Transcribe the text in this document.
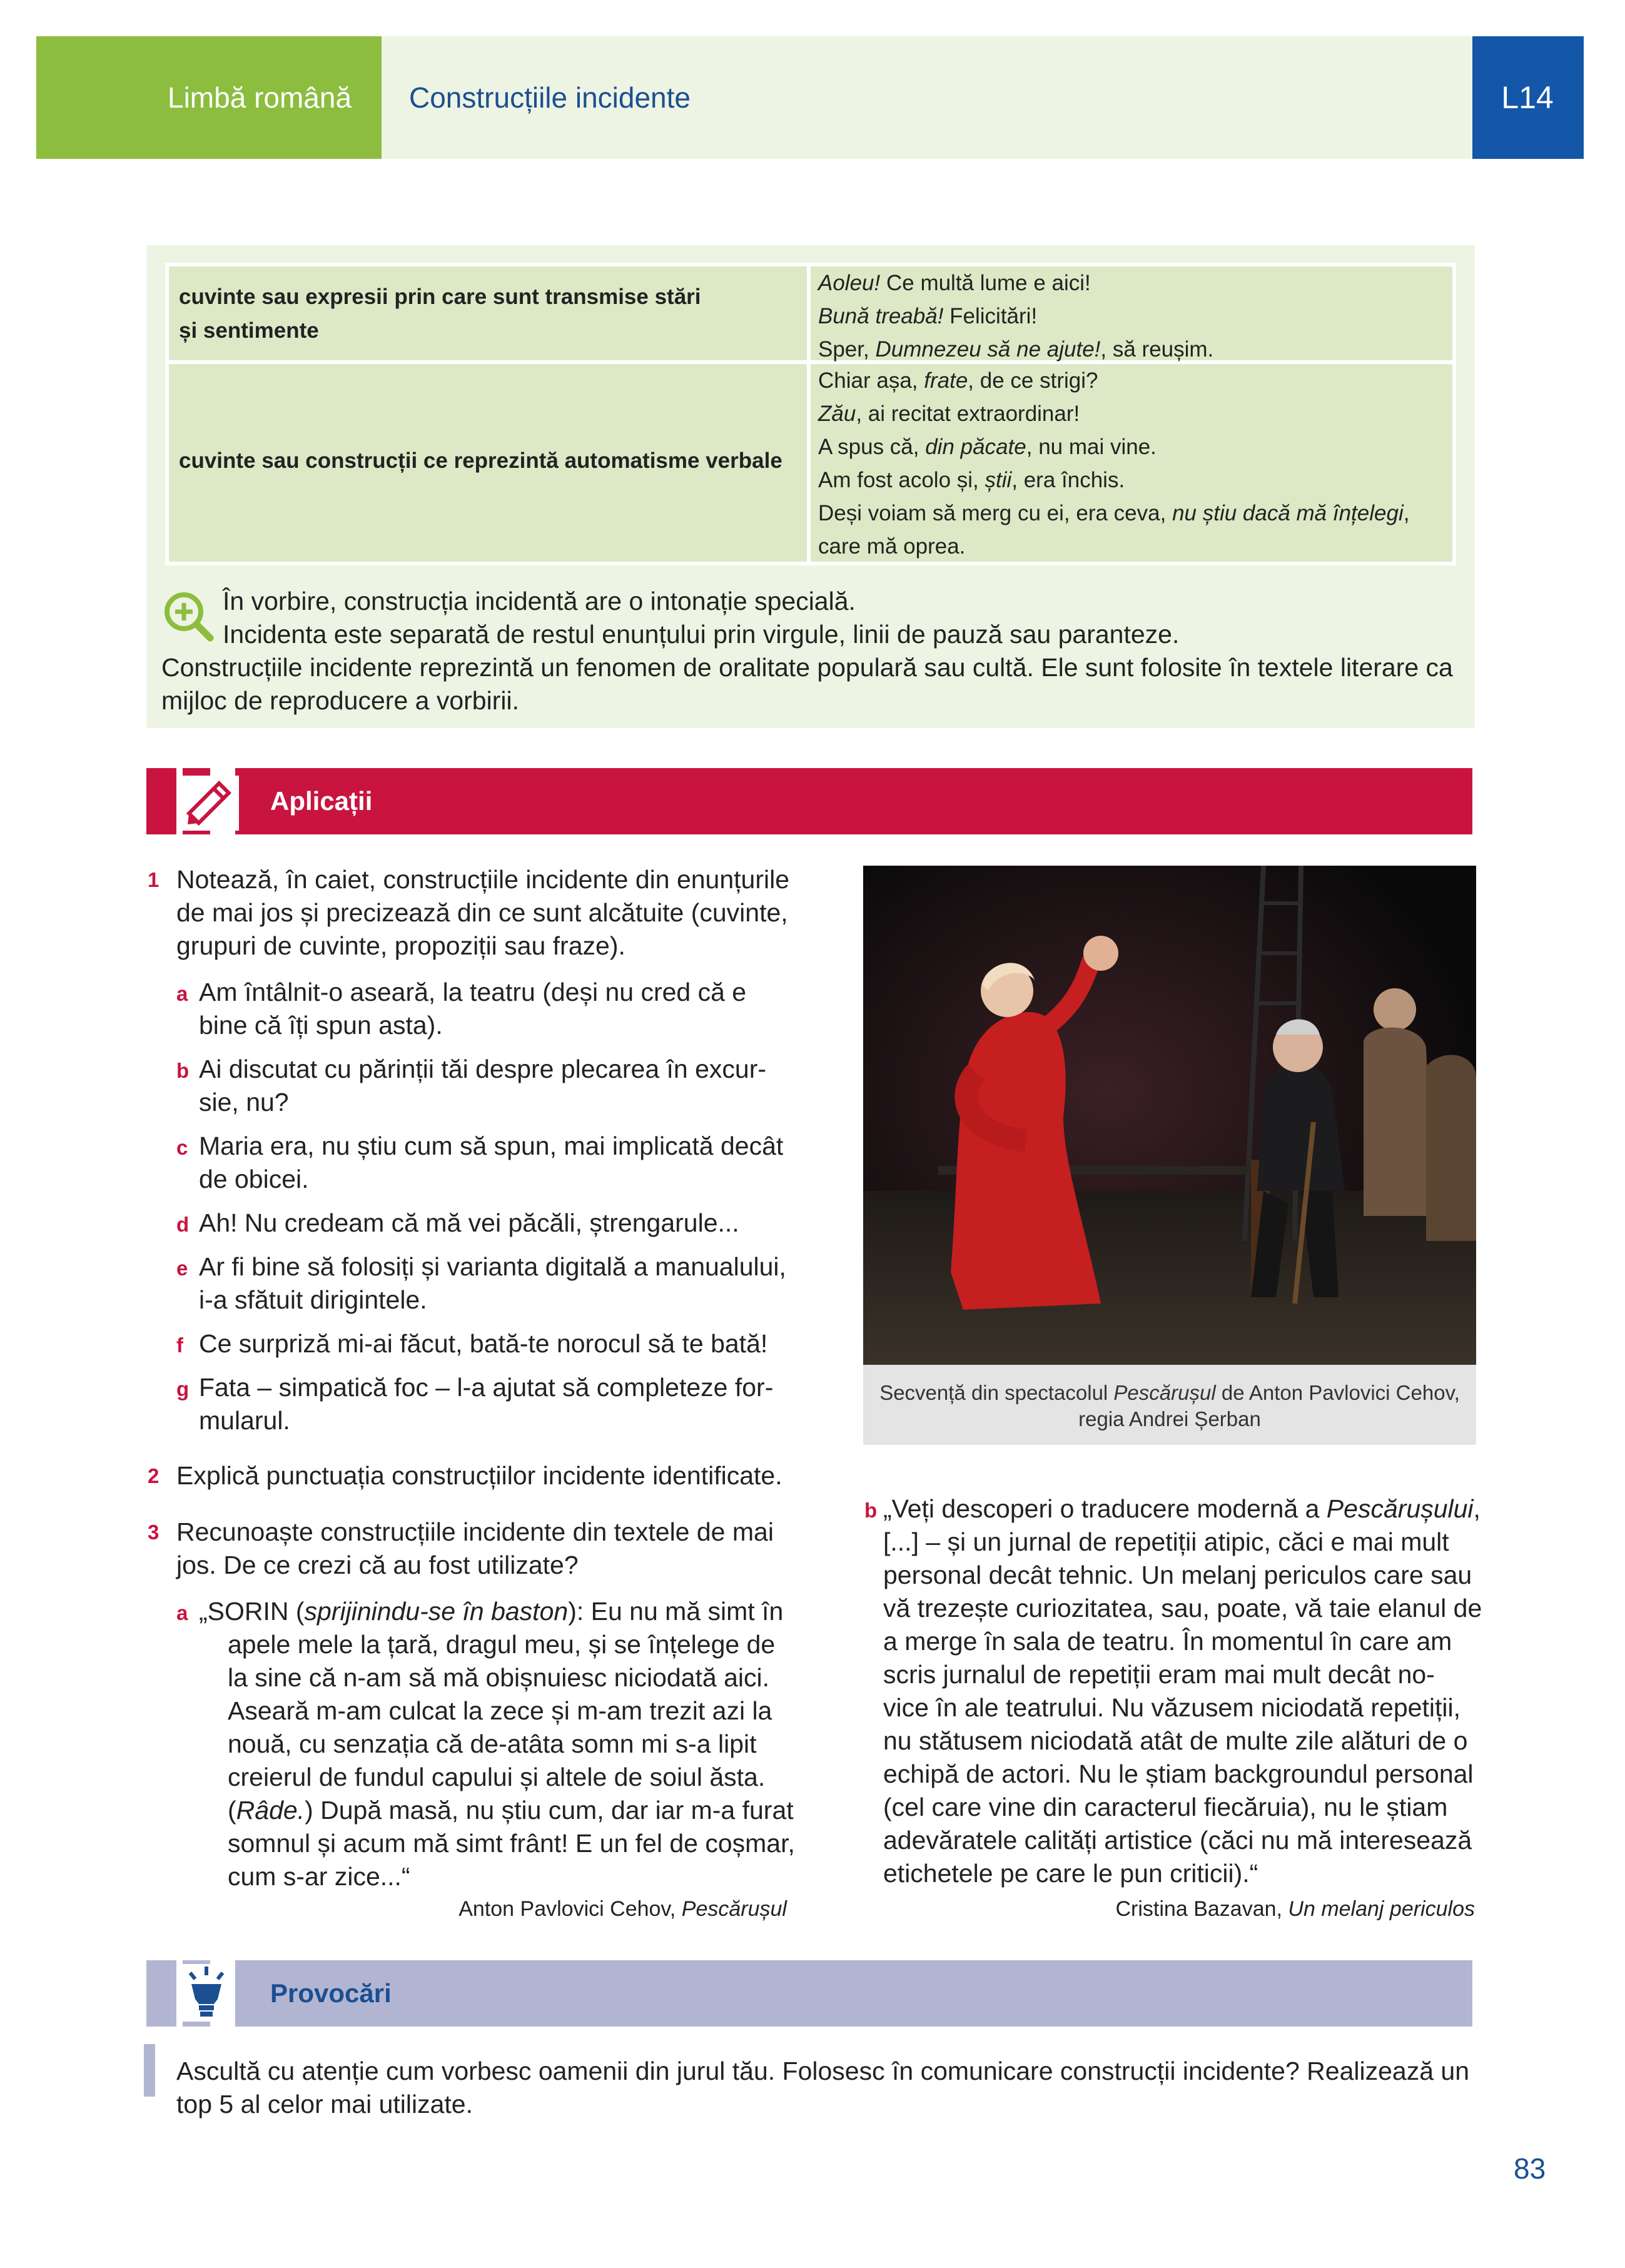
Limbă română Construcțiile incidente	L14
cuvinte sau expresii prin care sunt transmise stări
și sentimente
Aoleu! Ce multă lume e aici!
Bună treabă! Felicitări!
Sper, Dumnezeu să ne ajute!, să reușim.
cuvinte sau construcții ce reprezintă automatisme verbale
Chiar așa, frate, de ce strigi?
Zău, ai recitat extraordinar!
A spus că, din păcate, nu mai vine.
Am fost acolo și, știi, era închis.
Deși voiam să merg cu ei, era ceva, nu știu dacă mă înțelegi,
care mă oprea.
În vorbire, construcția incidentă are o intonație specială.
Incidenta este separată de restul enunțului prin virgule, linii de pauză sau paranteze.
Construcțiile incidente reprezintă un fenomen de oralitate populară sau cultă. Ele sunt folosite în textele literare ca
mijloc de reproducere a vorbirii.
Aplicații
1 Notează, în caiet, construcțiile incidente din enunțurile
de mai jos și precizează din ce sunt alcătuite (cuvinte,
grupuri de cuvinte, propoziții sau fraze).
a Am întâlnit-o aseară, la teatru (deși nu cred că e
bine că îți spun asta).
b Ai discutat cu părinții tăi despre plecarea în excur-
sie, nu?
c Maria era, nu știu cum să spun, mai implicată decât
de obicei.
d Ah! Nu credeam că mă vei păcăli, ștrengarule...
e Ar fi bine să folosiți și varianta digitală a manualului,
i-a sfătuit dirigintele.
f Ce surpriză mi-ai făcut, bată-te norocul să te bată!
g Fata – simpatică foc – l-a ajutat să completeze for-
mularul.
2 Explică punctuația construcțiilor incidente identificate.
3 Recunoaște construcțiile incidente din textele de mai
jos. De ce crezi că au fost utilizate?
a „SORIN (sprijinindu-se în baston): Eu nu mă simt în
apele mele la țară, dragul meu, și se înțelege de
la sine că n-am să mă obișnuiesc niciodată aici.
Aseară m-am culcat la zece și m-am trezit azi la
nouă, cu senzația că de-atâta somn mi s-a lipit
creierul de fundul capului și altele de soiul ăsta.
(Râde.) După masă, nu știu cum, dar iar m-a furat
somnul și acum mă simt frânt! E un fel de coșmar,
cum s-ar zice...“
Anton Pavlovici Cehov, Pescărușul
Secvență din spectacolul Pescărușul de Anton Pavlovici Cehov,
regia Andrei Șerban
b „Veți descoperi o traducere modernă a Pescărușului,
[...] – și un jurnal de repetiții atipic, căci e mai mult
personal decât tehnic. Un melanj periculos care sau
vă trezește curiozitatea, sau, poate, vă taie elanul de
a merge în sala de teatru. În momentul în care am
scris jurnalul de repetiții eram mai mult decât no-
vice în ale teatrului. Nu văzusem niciodată repetiții,
nu stătusem niciodată atât de multe zile alături de o
echipă de actori. Nu le știam backgroundul personal
(cel care vine din caracterul fiecăruia), nu le știam
adevăratele calități artistice (căci nu mă interesează
etichetele pe care le pun criticii).“
Cristina Bazavan, Un melanj periculos
Provocări
Ascultă cu atenție cum vorbesc oamenii din jurul tău. Folosesc în comunicare construcții incidente? Realizează un
top 5 al celor mai utilizate.
83
